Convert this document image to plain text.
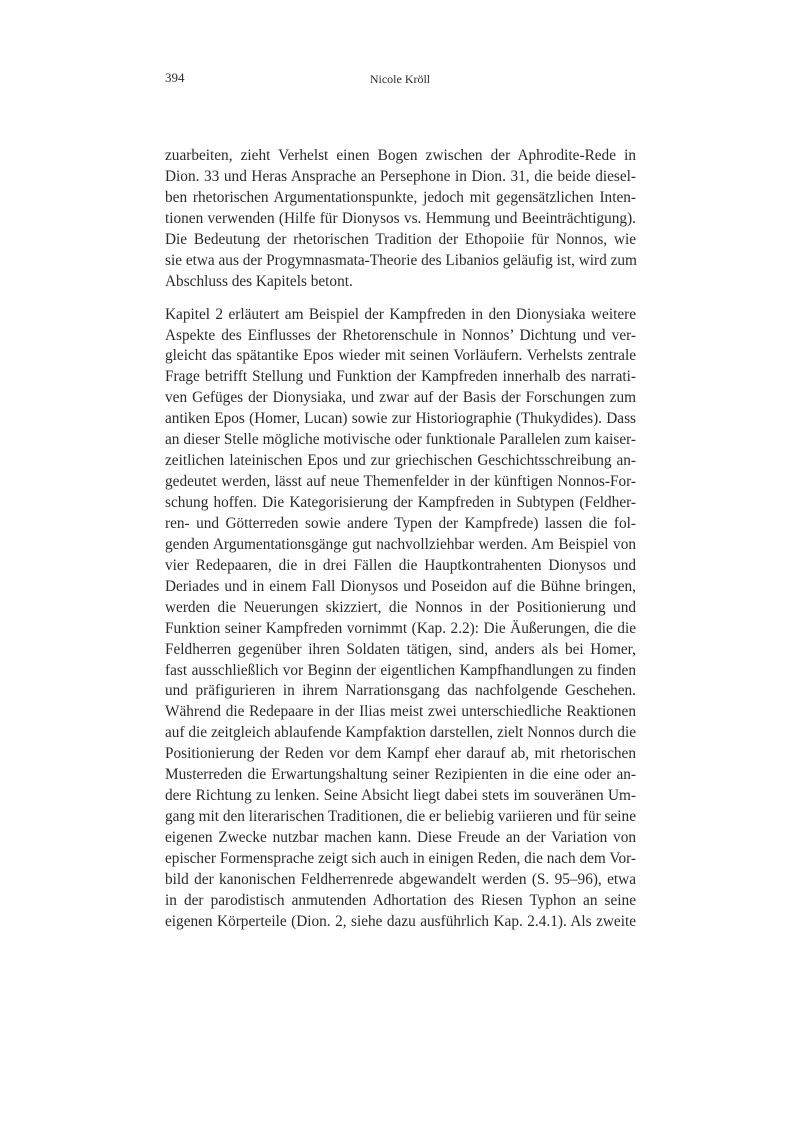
394	Nicole Kröll
zuarbeiten, zieht Verhelst einen Bogen zwischen der Aphrodite-Rede in
Dion. 33 und Heras Ansprache an Persephone in Dion. 31, die beide diesel-
ben rhetorischen Argumentationspunkte, jedoch mit gegensätzlichen Inten-
tionen verwenden (Hilfe für Dionysos vs. Hemmung und Beeinträchtigung).
Die Bedeutung der rhetorischen Tradition der Ethopoiie für Nonnos, wie
sie etwa aus der Progymnasmata-Theorie des Libanios geläufig ist, wird zum
Abschluss des Kapitels betont.
Kapitel 2 erläutert am Beispiel der Kampfreden in den Dionysiaka weitere
Aspekte des Einflusses der Rhetorenschule in Nonnos’ Dichtung und ver-
gleicht das spätantike Epos wieder mit seinen Vorläufern. Verhelsts zentrale
Frage betrifft Stellung und Funktion der Kampfreden innerhalb des narrati-
ven Gefüges der Dionysiaka, und zwar auf der Basis der Forschungen zum
antiken Epos (Homer, Lucan) sowie zur Historiographie (Thukydides). Dass
an dieser Stelle mögliche motivische oder funktionale Parallelen zum kaiser-
zeitlichen lateinischen Epos und zur griechischen Geschichtsschreibung an-
gedeutet werden, lässt auf neue Themenfelder in der künftigen Nonnos-For-
schung hoffen. Die Kategorisierung der Kampfreden in Subtypen (Feldher-
ren- und Götterreden sowie andere Typen der Kampfrede) lassen die fol-
genden Argumentationsgänge gut nachvollziehbar werden. Am Beispiel von
vier Redepaaren, die in drei Fällen die Hauptkontrahenten Dionysos und
Deriades und in einem Fall Dionysos und Poseidon auf die Bühne bringen,
werden die Neuerungen skizziert, die Nonnos in der Positionierung und
Funktion seiner Kampfreden vornimmt (Kap. 2.2): Die Äußerungen, die die
Feldherren gegenüber ihren Soldaten tätigen, sind, anders als bei Homer,
fast ausschließlich vor Beginn der eigentlichen Kampfhandlungen zu finden
und präfigurieren in ihrem Narrationsgang das nachfolgende Geschehen.
Während die Redepaare in der Ilias meist zwei unterschiedliche Reaktionen
auf die zeitgleich ablaufende Kampfaktion darstellen, zielt Nonnos durch die
Positionierung der Reden vor dem Kampf eher darauf ab, mit rhetorischen
Musterreden die Erwartungshaltung seiner Rezipienten in die eine oder an-
dere Richtung zu lenken. Seine Absicht liegt dabei stets im souveränen Um-
gang mit den literarischen Traditionen, die er beliebig variieren und für seine
eigenen Zwecke nutzbar machen kann. Diese Freude an der Variation von
epischer Formensprache zeigt sich auch in einigen Reden, die nach dem Vor-
bild der kanonischen Feldherrenrede abgewandelt werden (S. 95–96), etwa
in der parodistisch anmutenden Adhortation des Riesen Typhon an seine
eigenen Körperteile (Dion. 2, siehe dazu ausführlich Kap. 2.4.1). Als zweite
